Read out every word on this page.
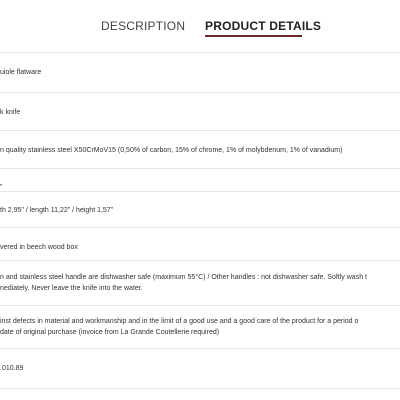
DESCRIPTION PRODUCT DETAILS
uiole flatware
k knife
n quality stainless steel X50CrMoV15 (0,50% of carbon, 15% of chrome, 1% of molybdenum, 1% of vanadium)
"
th 2,95" / length 11,22" / height 1,57"
vered in beech wood box
n and stainless steel handle are dishwasher safe (maximum 55°C) / Other handles : not dishwasher safe. Softly wash t
nediately. Never leave the knife into the water.
inst defects in material and workmanship and in the limit of a good use and a good care of the product for a period o
date of original purchase (invoice from La Grande Coutellerie required)
.010.89
